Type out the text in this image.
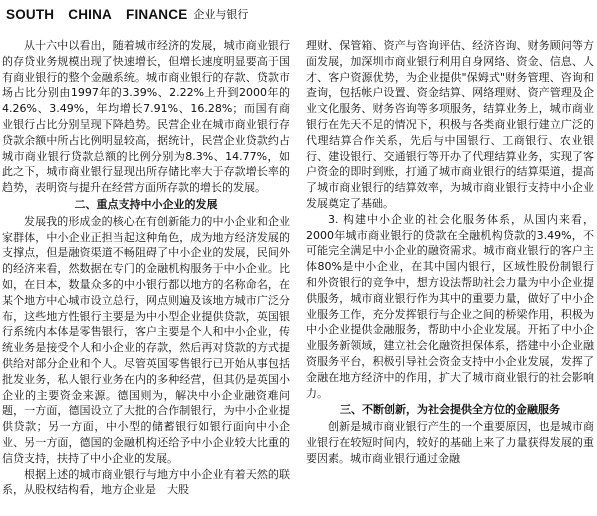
SOUTH CHINA FINANCE 企业与银行

从十六中以看出，随着城市经济的发展，城市商业银行的存贷业务规模出现了快速增长，但增长速度明显要高于国有商业银行的整个金融系统。城市商业银行的存款、贷款市场占比分别由1997年的3.39%、2.22%上升到2000年的4.26%、3.49%，年均增长7.91%、16.28%；而国有商业银行占比分别呈现下降趋势。民营企业在城市商业银行存贷款余额中所占比例明显较高，据统计，民营企业贷款约占城市商业银行贷款总额的比例分别为8.3%、14.77%，如此之下，城市商业银行显现出所存储比率大于存款增长率的趋势，表明资与提升在经营方面所存款的增长的发展。

二、重点支持中小企业的发展

发展我的形成金的核心在有创新能力的中小企业和企业家群体，中小企业正担当起这种角色，成为地方经济发展的支撑点，但是融资渠道不畅阻碍了中小企业的发展，民间外的经济来看，然数据在专门的金融机构服务于中小企业。比如，在日本，数量众多的中小银行都以地方的名称命名，在某个地方中心城市设立总行，网点则遍及该地方城市广泛分布，这些地方性银行主要是为中小型企业提供贷款，英国银行系统内本体是零售银行，客户主要是个人和中小企业，传统业务是接受个人和小企业的存款，然后再对贷款的方式提供给对部分企业和个人。尽管英国零售银行已开始从事包括批发业务，私人银行业务在内的多种经营，但其仍是英国小企业的主要资金来源。德国则为，解决中小企业融资难问题，一方面，德国设立了大批的合作制银行，为中小企业提供贷款；另一方面，中小型的储蓄银行如银行面向中小企业、另一方面，德国的金融机构还给予中小企业较大比重的信贷支持，扶持了中小企业的发展。

根据上述的城市商业银行与地方中小企业有着天然的联系，从股权结构看，地方企业是　大股

理财、保管箱、资产与咨询评估、经济咨询、财务顾问等方面发展，加深圳市商业银行利用自身网络、资金、信息、人才、客户资源优势，为企业提供"保姆式"财务管理、咨询和查询，包括帐户设置、资金结算、网络理财、资产管理及企业文化服务、财务咨询等多项服务，结算业务上，城市商业银行在先天不足的情况下，积极与各类商业银行建立广泛的代理结算合作关系，先后与中国银行、工商银行、农业银行、建设银行、交通银行等开办了代理结算业务，实现了客户资金的即时到账，打通了城市商业银行的结算渠道，提高了城市商业银行的结算效率，为城市商业银行支持中小企业发展奠定了基础。

3. 构建中小企业的社会化服务体系，从国内来看，2000年城市商业银行的贷款在全融机构贷款的3.49%，不可能完全满足中小企业的融资需求。城市商业银行的客户主体80%是中小企业，在其中国内银行，区域性股份制银行和外资银行的竞争中，想方设法帮助社会力量为中小企业提供服务，城市商业银行作为其中的重要力量，做好了中小企业服务工作，充分发挥银行与企业之间的桥梁作用，积极为中小企业提供金融服务，帮助中小企业发展。开拓了中小企业服务新领域，建立社会化融资担保体系，搭建中小企业融资服务平台，积极引导社会资金支持中小企业发展，发挥了金融在地方经济中的作用，扩大了城市商业银行的社会影响力。

三、不断创新，为社会提供全方位的金融服务

创新是城市商业银行产生的一个重要原因，也是城市商业银行在较短时间内，较好的基础上来了力量获得发展的重要因素。城市商业银行通过金融
